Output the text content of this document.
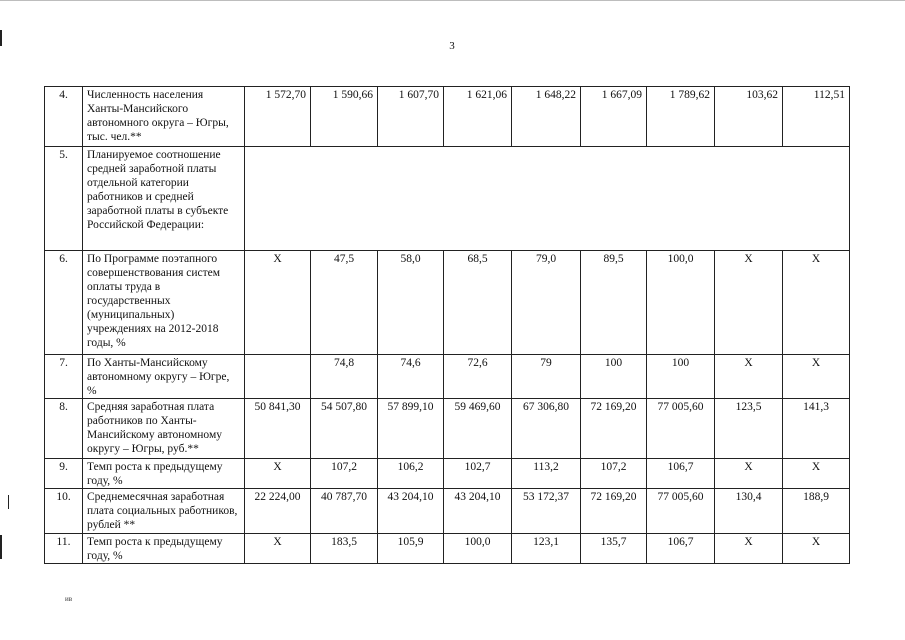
3
4.	Численность населения Ханты-Мансийского автономного округа – Югры, тыс. чел.**	1 572,70	1 590,66	1 607,70	1 621,06	1 648,22	1 667,09	1 789,62	103,62	112,51
5.	Планируемое соотношение средней заработной платы отдельной категории работников и средней заработной платы в субъекте Российской Федерации:									
6.	По Программе поэтапного совершенствования систем оплаты труда в государственных (муниципальных) учреждениях на 2012-2018 годы, %	Х	47,5	58,0	68,5	79,0	89,5	100,0	Х	Х
7.	По Ханты-Мансийскому автономному округу – Югре, %		74,8	74,6	72,6	79	100	100	Х	Х
8.	Средняя заработная плата работников по Ханты-Мансийскому автономному округу – Югры, руб.**	50 841,30	54 507,80	57 899,10	59 469,60	67 306,80	72 169,20	77 005,60	123,5	141,3
9.	Темп роста к предыдущему году, %	Х	107,2	106,2	102,7	113,2	107,2	106,7	Х	Х
10.	Среднемесячная заработная плата социальных работников, рублей **	22 224,00	40 787,70	43 204,10	43 204,10	53 172,37	72 169,20	77 005,60	130,4	188,9
11.	Темп роста к предыдущему году, %	Х	183,5	105,9	100,0	123,1	135,7	106,7	Х	Х
ив
